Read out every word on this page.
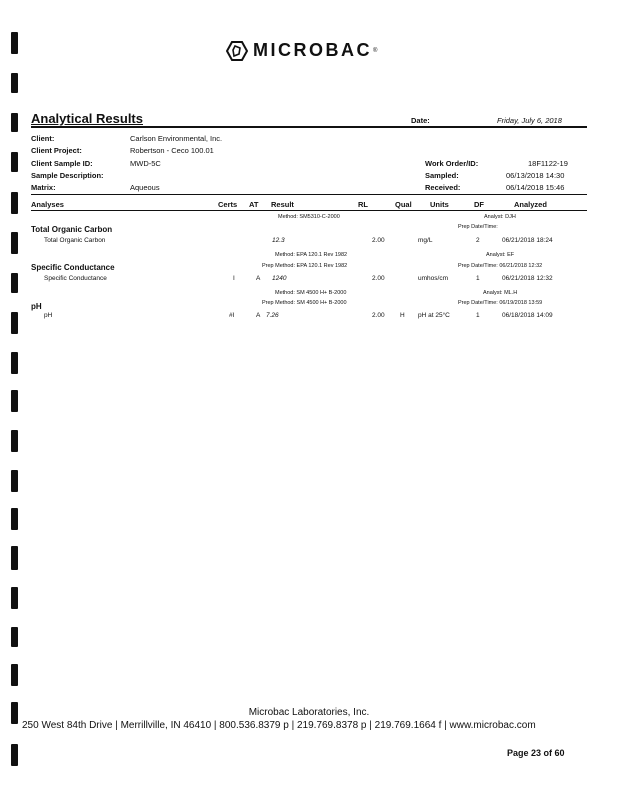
MICROBAC ®
Analytical Results	Date:	Friday, July 6, 2018
Client:	Carlson Environmental, Inc.
Client Project:	Robertson - Ceco 100.01
Client Sample ID:	MWD-5C
Sample Description:
Matrix:	Aqueous
Work Order/ID:	18F1122-19
Sampled:	06/13/2018 14:30
Received:	06/14/2018 15:46
Analyses	Certs AT Result	RL	Qual Units	DF	Analyzed
Method: SM5310-C-2000	Analyst: DJH
Total Organic Carbon	Prep Date/Time:
Total Organic Carbon	12.3	2.00	mg/L	2	06/21/2018 18:24
Method: EPA 120.1 Rev 1982	Analyst: EF
Specific Conductance	Prep Method: EPA 120.1 Rev 1982	Prep Date/Time: 06/21/2018 12:32
Specific Conductance	I	A 1240	2.00	umhos/cm	1	06/21/2018 12:32
Method: SM 4500 H+ B-2000	Analyst: ML.H
pH	Prep Method: SM 4500 H+ B-2000	Prep Date/Time: 06/19/2018 13:59
pH	#I	A 7.26	2.00 H pH at 25°C	1	06/18/2018 14:09
Microbac Laboratories, Inc.
250 West 84th Drive | Merrillville, IN 46410 | 800.536.8379 p | 219.769.8378 p | 219.769.1664 f | www.microbac.com
Page 23 of 60
